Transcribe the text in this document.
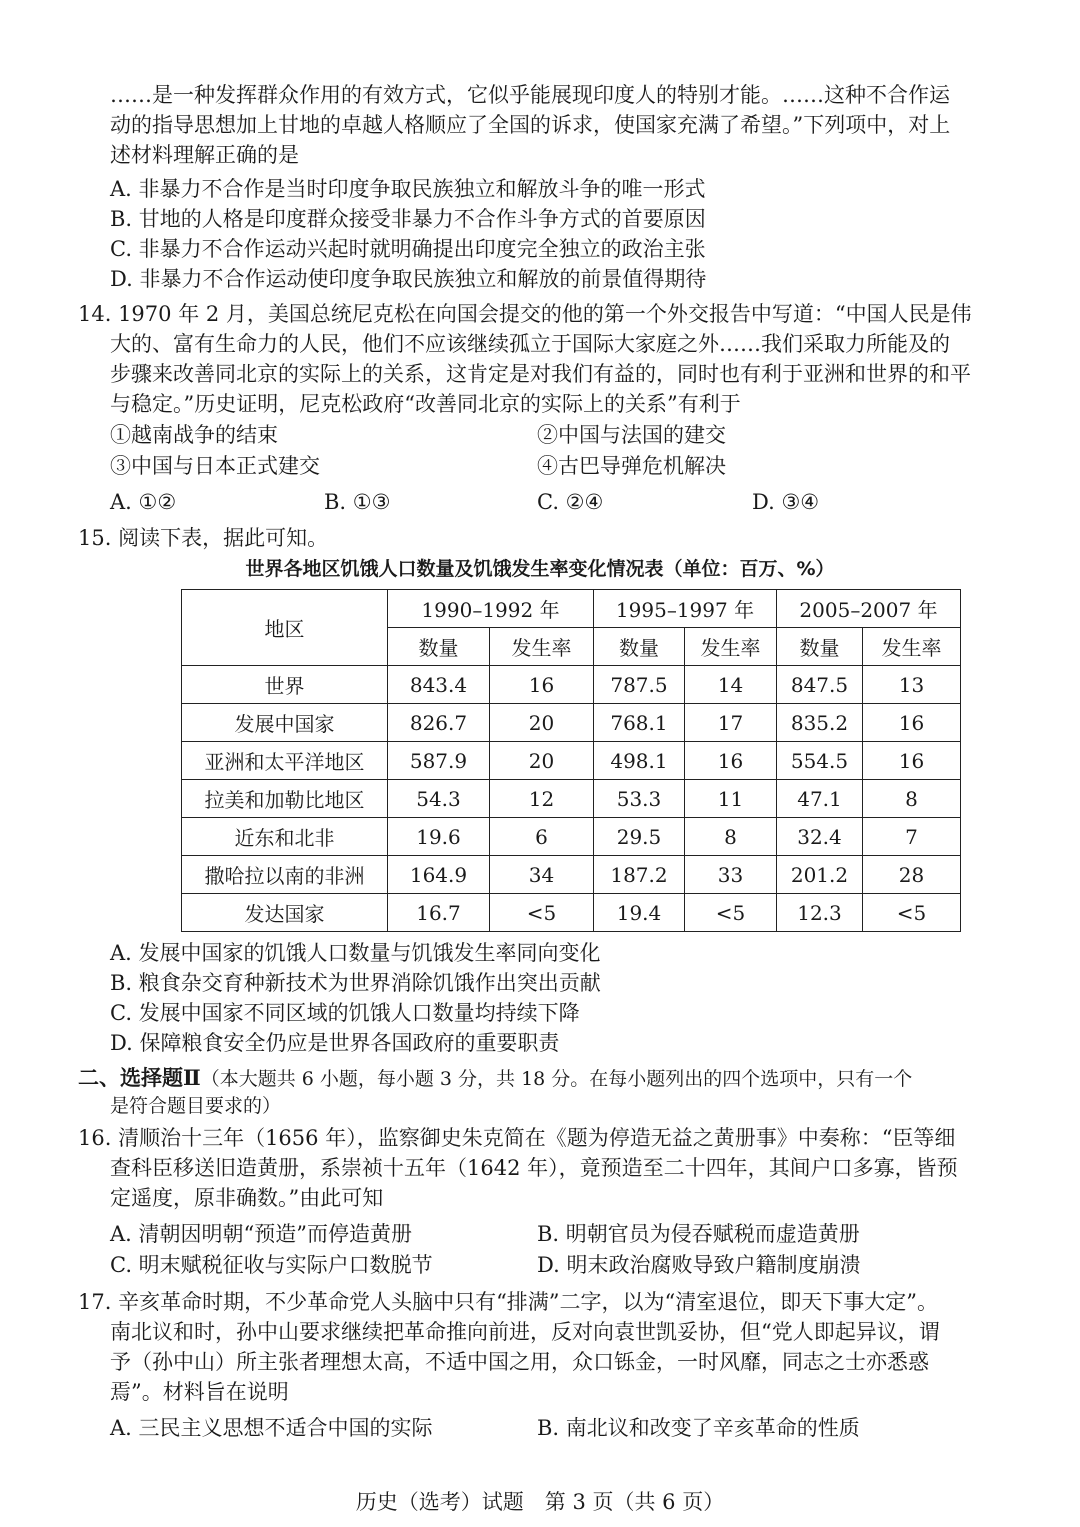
……是一种发挥群众作用的有效方式，它似乎能展现印度人的特别才能。……这种不合作运
动的指导思想加上甘地的卓越人格顺应了全国的诉求，使国家充满了希望。”下列项中，对上
述材料理解正确的是
A. 非暴力不合作是当时印度争取民族独立和解放斗争的唯一形式
B. 甘地的人格是印度群众接受非暴力不合作斗争方式的首要原因
C. 非暴力不合作运动兴起时就明确提出印度完全独立的政治主张
D. 非暴力不合作运动使印度争取民族独立和解放的前景值得期待
14. 1970 年 2 月，美国总统尼克松在向国会提交的他的第一个外交报告中写道：“中国人民是伟
大的、富有生命力的人民，他们不应该继续孤立于国际大家庭之外……我们采取力所能及的
步骤来改善同北京的实际上的关系，这肯定是对我们有益的，同时也有利于亚洲和世界的和平
与稳定。”历史证明，尼克松政府“改善同北京的实际上的关系”有利于
①越南战争的结束	②中国与法国的建交
③中国与日本正式建交	④古巴导弹危机解决
A. ①②	B. ①③	C. ②④	D. ③④
15. 阅读下表，据此可知。
世界各地区饥饿人口数量及饥饿发生率变化情况表（单位：百万、%）
地区	1990–1992 年		1995–1997 年		2005–2007 年	
	数量	发生率	数量	发生率	数量	发生率
世界	843.4	16	787.5	14	847.5	13
发展中国家	826.7	20	768.1	17	835.2	16
亚洲和太平洋地区	587.9	20	498.1	16	554.5	16
拉美和加勒比地区	54.3	12	53.3	11	47.1	8
近东和北非	19.6	6	29.5	8	32.4	7
撒哈拉以南的非洲	164.9	34	187.2	33	201.2	28
发达国家	16.7	<5	19.4	<5	12.3	<5
A. 发展中国家的饥饿人口数量与饥饿发生率同向变化
B. 粮食杂交育种新技术为世界消除饥饿作出突出贡献
C. 发展中国家不同区域的饥饿人口数量均持续下降
D. 保障粮食安全仍应是世界各国政府的重要职责
二、选择题Ⅱ（本大题共 6 小题，每小题 3 分，共 18 分。在每小题列出的四个选项中，只有一个
是符合题目要求的）
16. 清顺治十三年（1656 年），监察御史朱克简在《题为停造无益之黄册事》中奏称：“臣等细
查科臣移送旧造黄册，系崇祯十五年（1642 年），竟预造至二十四年，其间户口多寡，皆预
定遥度，原非确数。”由此可知
A. 清朝因明朝“预造”而停造黄册	B. 明朝官员为侵吞赋税而虚造黄册
C. 明末赋税征收与实际户口数脱节	D. 明末政治腐败导致户籍制度崩溃
17. 辛亥革命时期，不少革命党人头脑中只有“排满”二字，以为“清室退位，即天下事大定”。
南北议和时，孙中山要求继续把革命推向前进，反对向袁世凯妥协，但“党人即起异议，谓
予（孙中山）所主张者理想太高，不适中国之用，众口铄金，一时风靡，同志之士亦悉惑
焉”。材料旨在说明
A. 三民主义思想不适合中国的实际	B. 南北议和改变了辛亥革命的性质
历史（选考）试题　第 3 页（共 6 页）
